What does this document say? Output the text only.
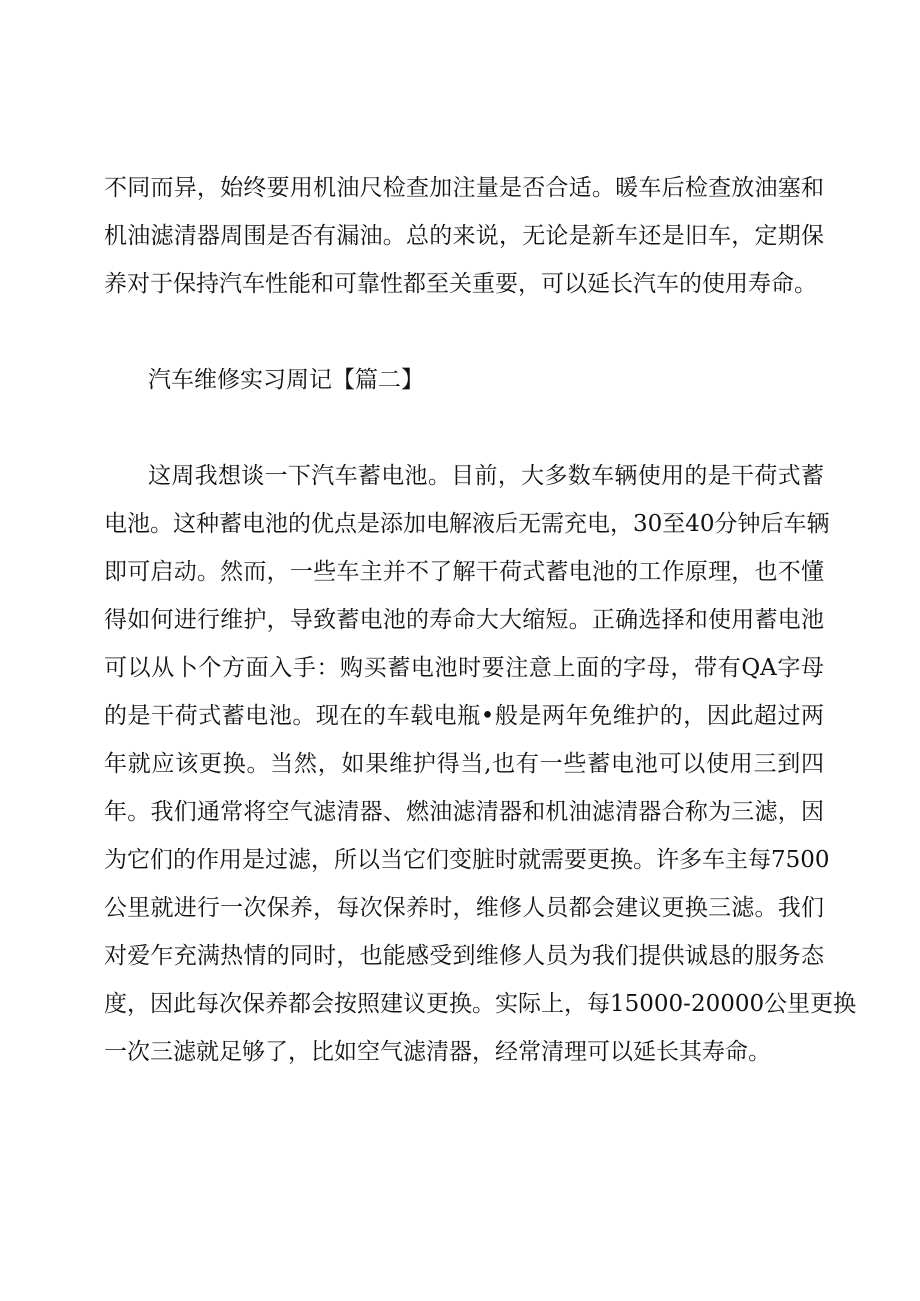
不同而异，始终要用机油尺检查加注量是否合适。暖车后检查放油塞和
机油滤清器周围是否有漏油。总的来说，无论是新车还是旧车，定期保
养对于保持汽车性能和可靠性都至关重要，可以延长汽车的使用寿命。
汽车维修实习周记【篇二】
这周我想谈一下汽车蓄电池。目前，大多数车辆使用的是干荷式蓄
电池。这种蓄电池的优点是添加电解液后无需充电，30至40分钟后车辆
即可启动。然而，一些车主并不了解干荷式蓄电池的工作原理，也不懂
得如何进行维护，导致蓄电池的寿命大大缩短。正确选择和使用蓄电池
可以从卜个方面入手：购买蓄电池时要注意上面的字母，带有QA字母
的是干荷式蓄电池。现在的车载电瓶•般是两年免维护的，因此超过两
年就应该更换。当然，如果维护得当,也有一些蓄电池可以使用三到四
年。我们通常将空气滤清器、燃油滤清器和机油滤清器合称为三滤，因
为它们的作用是过滤，所以当它们变脏时就需要更换。许多车主每7500
公里就进行一次保养，每次保养时，维修人员都会建议更换三滤。我们
对爱乍充满热情的同时，也能感受到维修人员为我们提供诚恳的服务态
度，因此每次保养都会按照建议更换。实际上，每15000-20000公里更换
一次三滤就足够了，比如空气滤清器，经常清理可以延长其寿命。
